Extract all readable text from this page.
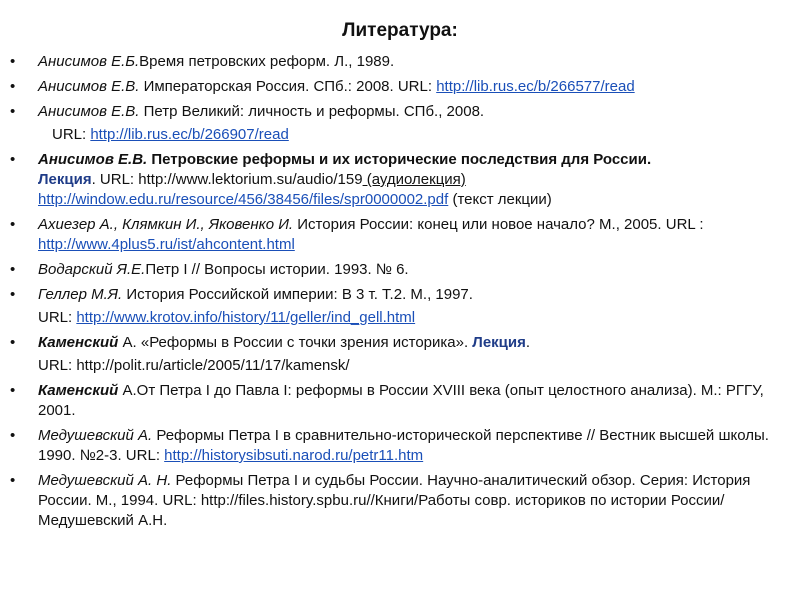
Литература:
• Анисимов Е.Б.Время петровских реформ. Л., 1989.
• Анисимов Е.В. Императорская Россия. СПб.: 2008. URL: http://lib.rus.ec/b/266577/read
• Анисимов Е.В. Петр Великий: личность и реформы. СПб., 2008.
URL: http://lib.rus.ec/b/266907/read
• Анисимов Е.В. Петровские реформы и их исторические последствия для России.
Лекция. URL: http://www.lektorium.su/audio/159 (аудиолекция)
http://window.edu.ru/resource/456/38456/files/spr0000002.pdf (текст лекции)
• Ахиезер А., Клямкин И., Яковенко И. История России: конец или новое начало? М., 2005. URL : http://www.4plus5.ru/ist/ahcontent.html
• Водарский Я.Е.Петр I // Вопросы истории. 1993. № 6.
• Геллер М.Я. История Российской империи: В 3 т. Т.2. М., 1997.
URL: http://www.krotov.info/history/11/geller/ind_gell.html
• Каменский А. «Реформы в России с точки зрения историка». Лекция.
URL: http://polit.ru/article/2005/11/17/kamensk/
• Каменский А.От Петра I до Павла I: реформы в России XVIII века (опыт целостного анализа). М.: РГГУ, 2001.
• Медушевский А. Реформы Петра I в сравнительно-исторической перспективе // Вестник высшей школы. 1990. №2-3. URL: http://historysibsuti.narod.ru/petr11.htm
• Медушевский А. Н. Реформы Петра I и судьбы России. Научно-аналитический обзор. Серия: История России. М., 1994. URL: http://files.history.spbu.ru//Книги/Работы совр. историков по истории России/Медушевский А.Н.
